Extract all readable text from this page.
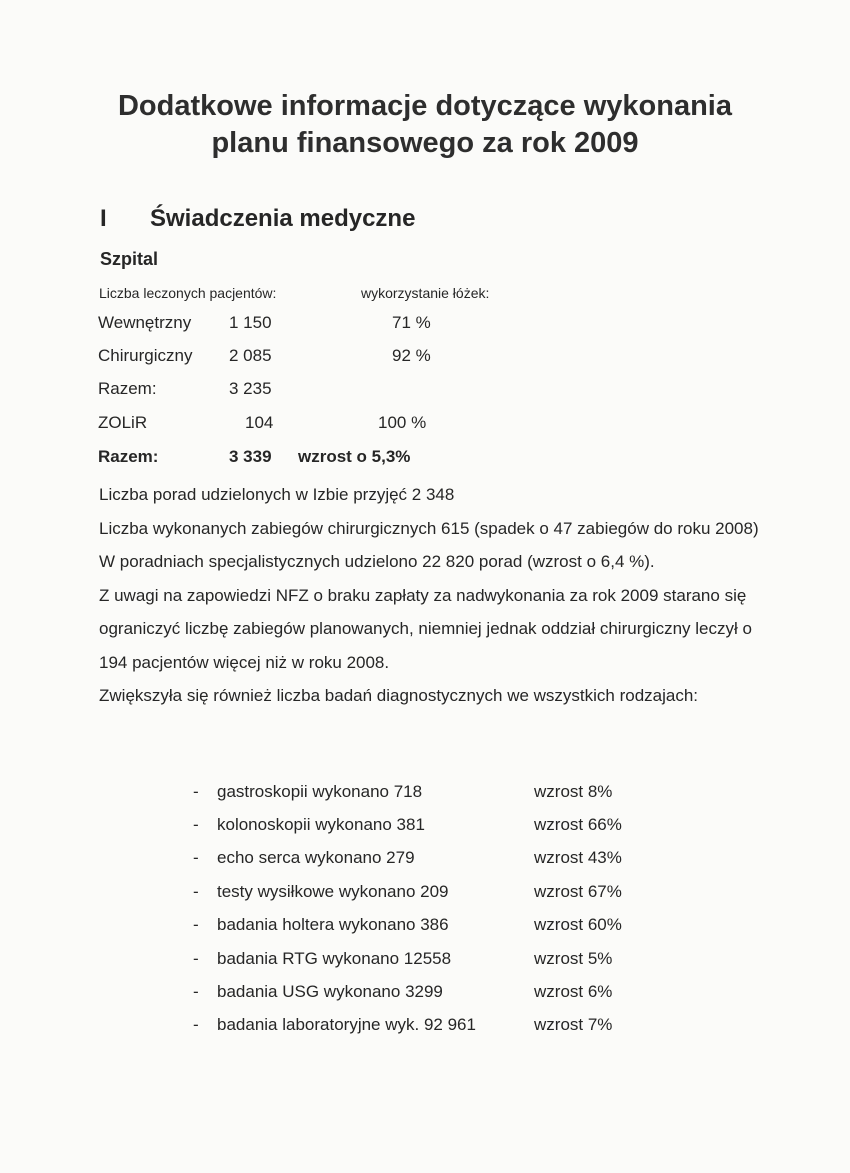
Dodatkowe informacje dotyczące wykonania
planu finansowego za rok 2009
I Świadczenia medyczne
Szpital
Liczba leczonych pacjentów:	wykorzystanie łóżek:
Wewnętrzny 1 150	71 %
Chirurgiczny 2 085	92 %
Razem:	3 235
ZOLiR	104	100 %
Razem:	3 339 wzrost o 5,3%

Liczba porad udzielonych w Izbie przyjęć 2 348

Liczba wykonanych zabiegów chirurgicznych 615 (spadek o 47 zabiegów do roku 2008)

W poradniach specjalistycznych udzielono 22 820 porad (wzrost o 6,4 %).

Z uwagi na zapowiedzi NFZ o braku zapłaty za nadwykonania za rok 2009 starano się ograniczyć liczbę zabiegów planowanych, niemniej jednak oddział chirurgiczny leczył o 194 pacjentów więcej niż w roku 2008.

Zwiększyła się również liczba badań diagnostycznych we wszystkich rodzajach:

- gastroskopii wykonano 718	wzrost 8%
- kolonoskopii wykonano 381	wzrost 66%
- echo serca wykonano 279	wzrost 43%
- testy wysiłkowe wykonano 209	wzrost 67%
- badania holtera wykonano 386	wzrost 60%
- badania RTG wykonano 12558	wzrost 5%
- badania USG wykonano 3299	wzrost 6%
- badania laboratoryjne wyk. 92 961	wzrost 7%
